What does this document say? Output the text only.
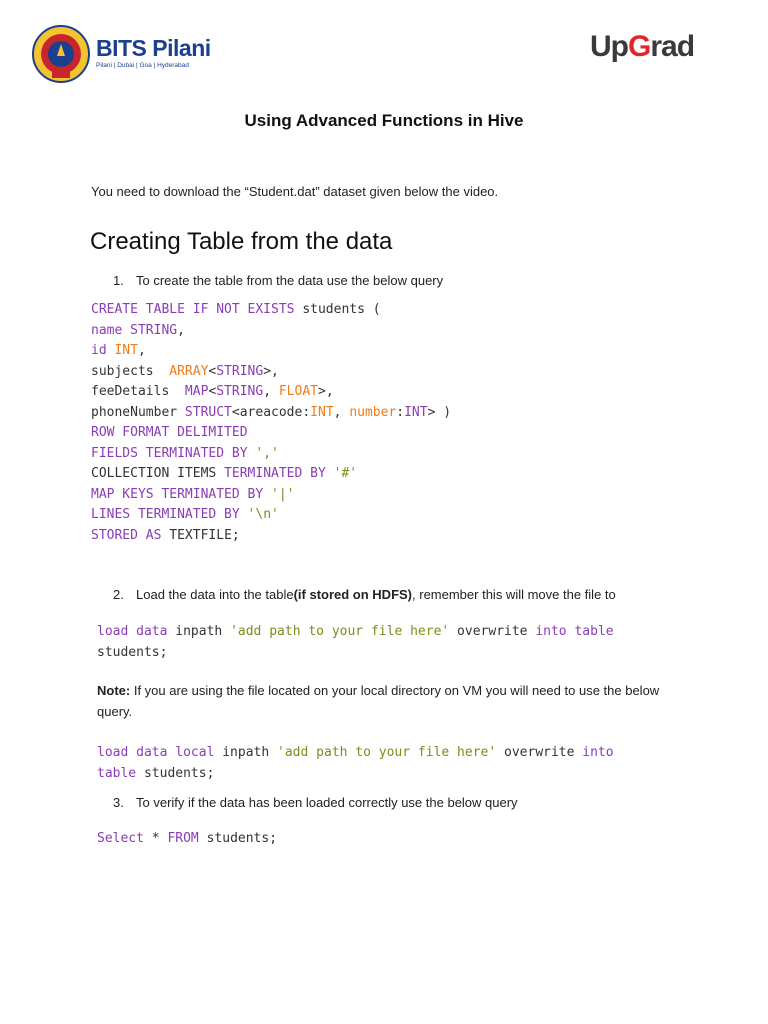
BITS Pilani
Pilani | Dubai | Goa | Hyderabad
UpGrad
Using Advanced Functions in Hive
You need to download the “Student.dat” dataset given below the video.
Creating Table from the data
1. To create the table from the data use the below query
CREATE TABLE IF NOT EXISTS students (
name STRING,
id INT,
subjects  ARRAY<STRING>,
feeDetails  MAP<STRING, FLOAT>,
phoneNumber STRUCT<areacode:INT, number:INT> )
ROW FORMAT DELIMITED
FIELDS TERMINATED BY ','
COLLECTION ITEMS TERMINATED BY '#'
MAP KEYS TERMINATED BY '|'
LINES TERMINATED BY '\n'
STORED AS TEXTFILE;
2. Load the data into the table(if stored on HDFS), remember this will move the file to
load data inpath 'add path to your file here' overwrite into table
students;
Note: If you are using the file located on your local directory on VM you will need to use the below query.
load data local inpath 'add path to your file here' overwrite into
table students;
3. To verify if the data has been loaded correctly use the below query
Select * FROM students;
